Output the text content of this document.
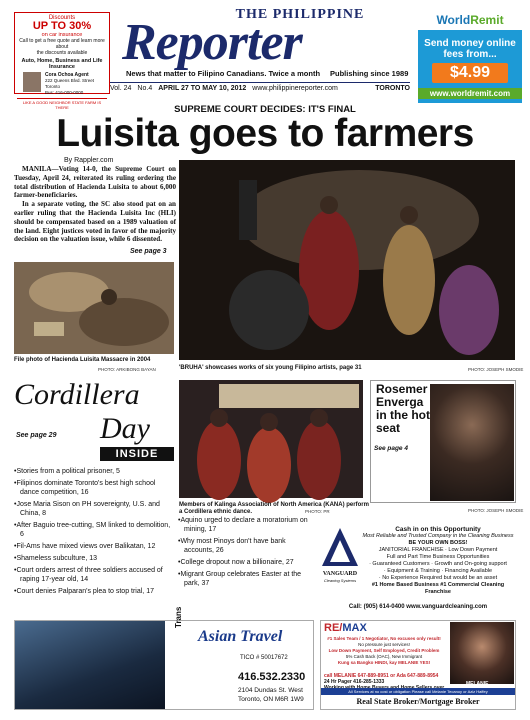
Discounts
UP TO 30%
on car insurance
Call to get a free quote and learn more about
the discounts available
Auto, Home, Business and Life Insurance
Cora Ochoa Agent
222 Queens Blvd. Street Toronto
Bus: 416-000-0000
LIKE A GOOD NEIGHBOR STATE FARM IS THERE
THE PHILIPPINE
Reporter
News that matter to Filipino Canadians. Twice a month Publishing since 1989
Vol. 24 No.4 APRIL 27 TO MAY 10, 2012 www.philippinereporter.com	TORONTO
WorldRemit
Send money online
fees from...
$4.99
www.worldremit.com
SUPREME COURT DECIDES: IT'S FINAL
Luisita goes to farmers
By Rappler.com

MANILA—Voting 14-0, the Supreme Court on Tuesday, April 24, reiterated its ruling ordering the total distribution of Hacienda Luisita to about 6,000 farmer-beneficiaries.

In a separate voting, the SC also stood pat on an earlier ruling that the Hacienda Luisita Inc (HLI) should be compensated based on a 1989 valuation of the land. Eight justices voted in favor of the majority decision on the valuation issue, while 6 dissented.

See page 3
File photo of Hacienda Luisita Massacre in 2004
PHOTO: ARKIBONG BAYAN	'BRUHA' showcases works of six young Filipino artists, page 31	PHOTO: JOSEPH SMODIE
Cordillera
See page 29 Day
INSIDE
• Stories from a political prisoner, 5
• Filipinos dominate Toronto's best high school dance competition, 16
• Jose Maria Sison on PH sovereignty, U.S. and China, 8
• After Baguio tree-cutting, SM linked to demolition, 6
• Fil-Ams have mixed views over Balikatan, 12
• Shameless subculture, 13
• Court orders arrest of three soldiers accused of raping 17-year old, 14
• Court denies Palparan's plea to stop trial, 17
Members of Kalinga Association of North America (KANA) perform a Cordillera ethnic dance.	PHOTO: PR
Rosemer Enverga in the hot seat
See page 4
PHOTO: JOSEPH SMODIE
• Aquino urged to declare a moratorium on mining, 17
• Why most Pinoys don't have bank accounts, 26
• College dropout now a billionaire, 27
• Migrant Group celebrates Easter at the park, 37
VANGUARD
Cleaning Systems
Cash in on this Opportunity
Most Reliable and Trusted Company in the Cleaning Business
BE YOUR OWN BOSS!
JANITORIAL FRANCHISE · Low Down Payment
Full and Part Time Business Opportunities
· Guaranteed Customers · Growth and On-going support
· Equipment & Training · Financing Available
· No Experience Required but would be an asset
#1 Home Based Business #1 Commercial Cleaning Franchise
Call: (905) 614-0400 www.vanguardcleaning.com
Trans
Asian Travel
TICO # 50017672
416.532.2330
2104 Dundas St. West
Toronto, ON M6R 1W9
RE/MAX
#1 Sales Team / 1 Negotiator, No excuses only result!
No pressure just services!
Low Down Payment, Self Employed, Credit Problem
5% Cash Back (OAC), New Immigrant
Kung sa Bangko HINDI, kay MELANIE YES!
call MELANIE 647-889-8951 or Ada 647-889-8954
24 Hr Pager 416-285-1333	MELANIE
All Services at no cost or obligation Please call Melanie Tecanoy or Aziz Haffey
Real State Broker/Mortgage Broker
